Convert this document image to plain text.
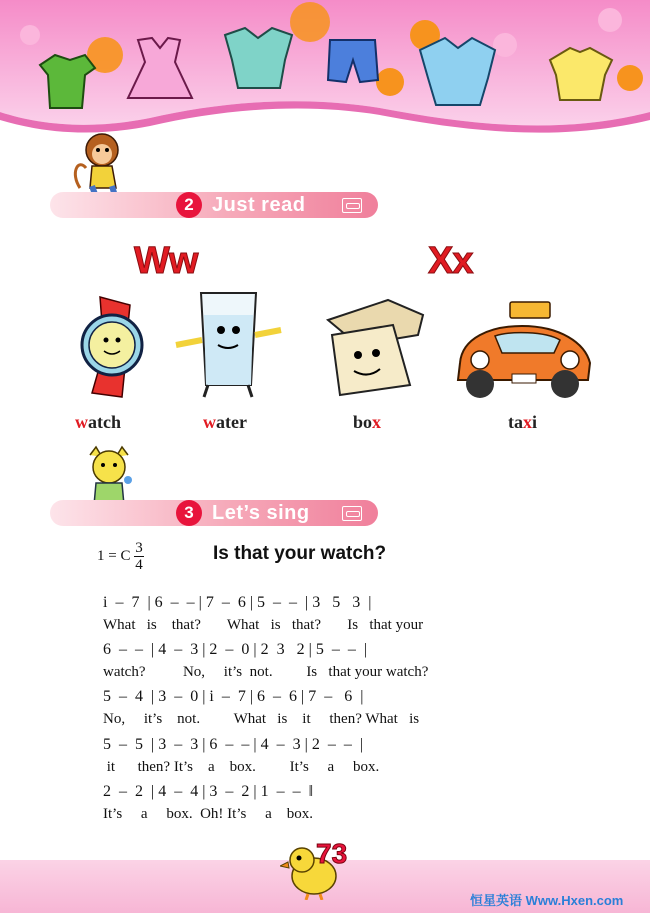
2 Just read
Ww	Xx
watch	water	box	taxi
3 Let’s sing
1 = C $\frac{3}{4}$	Is that your watch?
i  –  7  | 6  –  – | 7  –  6 | 5  –  –  | 3   5   3  |
What   is    that?       What   is   that?       Is   that your
6  –  –  | 4  –  3 | 2  –  0 | 2  3   2 | 5  –  –  |
watch?          No,     it’s  not.         Is   that your watch?
5  –  4  | 3  –  0 | i  –  7 | 6  –  6 | 7  –   6  |
No,     it’s    not.         What   is    it     then? What   is
5  –  5  | 3  –  3 | 6  –  – | 4  –  3 | 2  –  –  |
it      then? It’s    a    box.         It’s     a     box.
2  –  2  | 4  –  4 | 3  –  2 | 1  –  –  ‖
It’s     a     box.  Oh! It’s     a    box.
73
恒星英语 Www.Hxen.com
